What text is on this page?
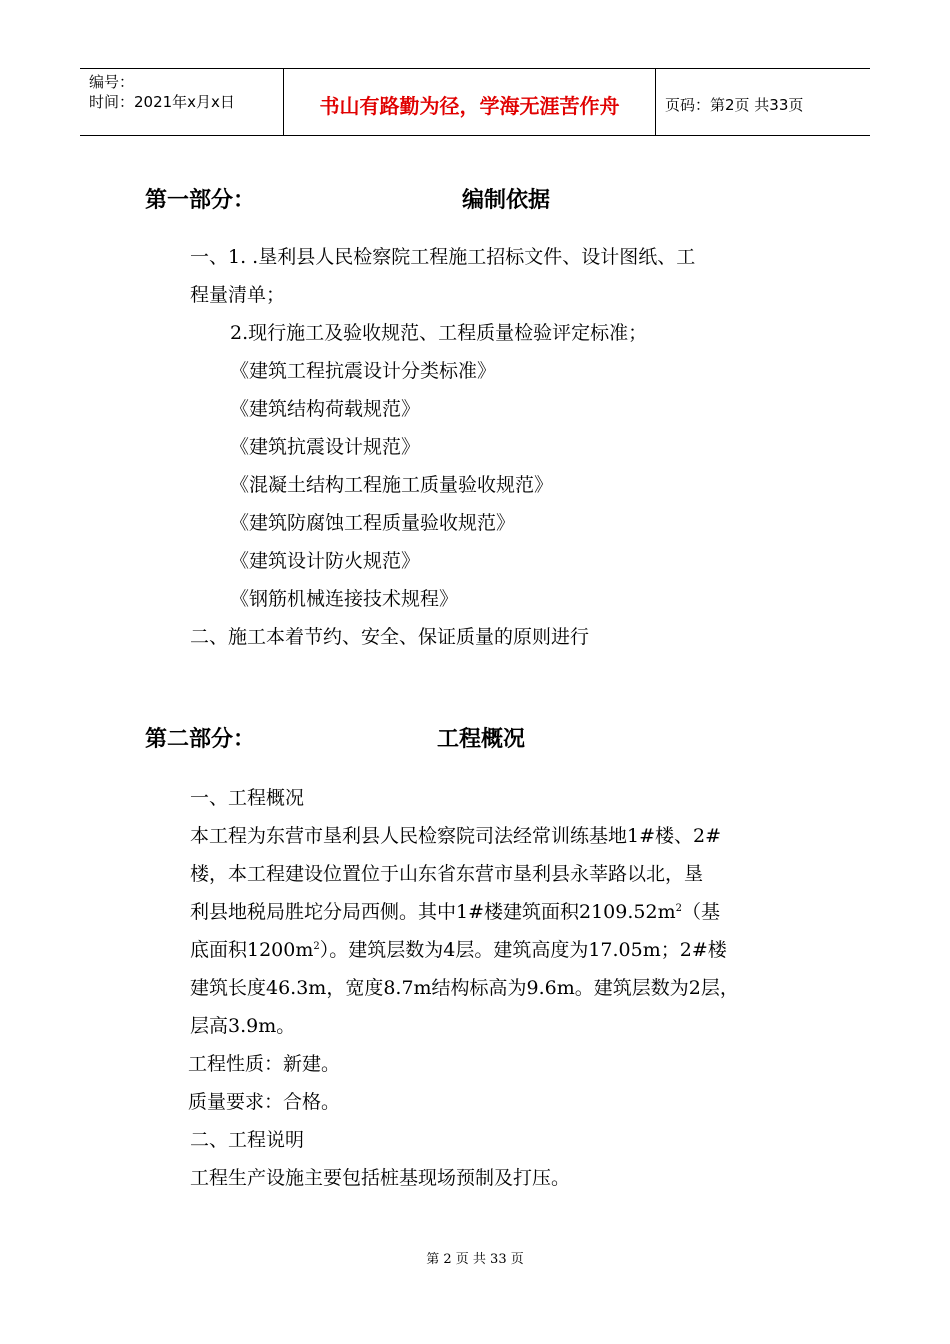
编号：
时间：2021年x月x日	书山有路勤为径，学海无涯苦作舟	页码：第2页 共33页
第一部分：	编制依据
一、1. .垦利县人民检察院工程施工招标文件、设计图纸、工
程量清单；
2.现行施工及验收规范、工程质量检验评定标准；
《建筑工程抗震设计分类标准》
《建筑结构荷载规范》
《建筑抗震设计规范》
《混凝土结构工程施工质量验收规范》
《建筑防腐蚀工程质量验收规范》
《建筑设计防火规范》
《钢筋机械连接技术规程》
二、施工本着节约、安全、保证质量的原则进行
第二部分：	工程概况
一、工程概况
本工程为东营市垦利县人民检察院司法经常训练基地1#楼、2#
楼，本工程建设位置位于山东省东营市垦利县永莘路以北，垦
利县地税局胜坨分局西侧。其中1#楼建筑面积$2109.52m^2$（基
底面积$1200m^2$）。建筑层数为4层。建筑高度为17.05m；2#楼
建筑长度46.3m，宽度8.7m结构标高为9.6m。建筑层数为2层，
层高3.9m。
工程性质：新建。
质量要求：合格。
二、工程说明
工程生产设施主要包括桩基现场预制及打压。
第 2 页 共 33 页
